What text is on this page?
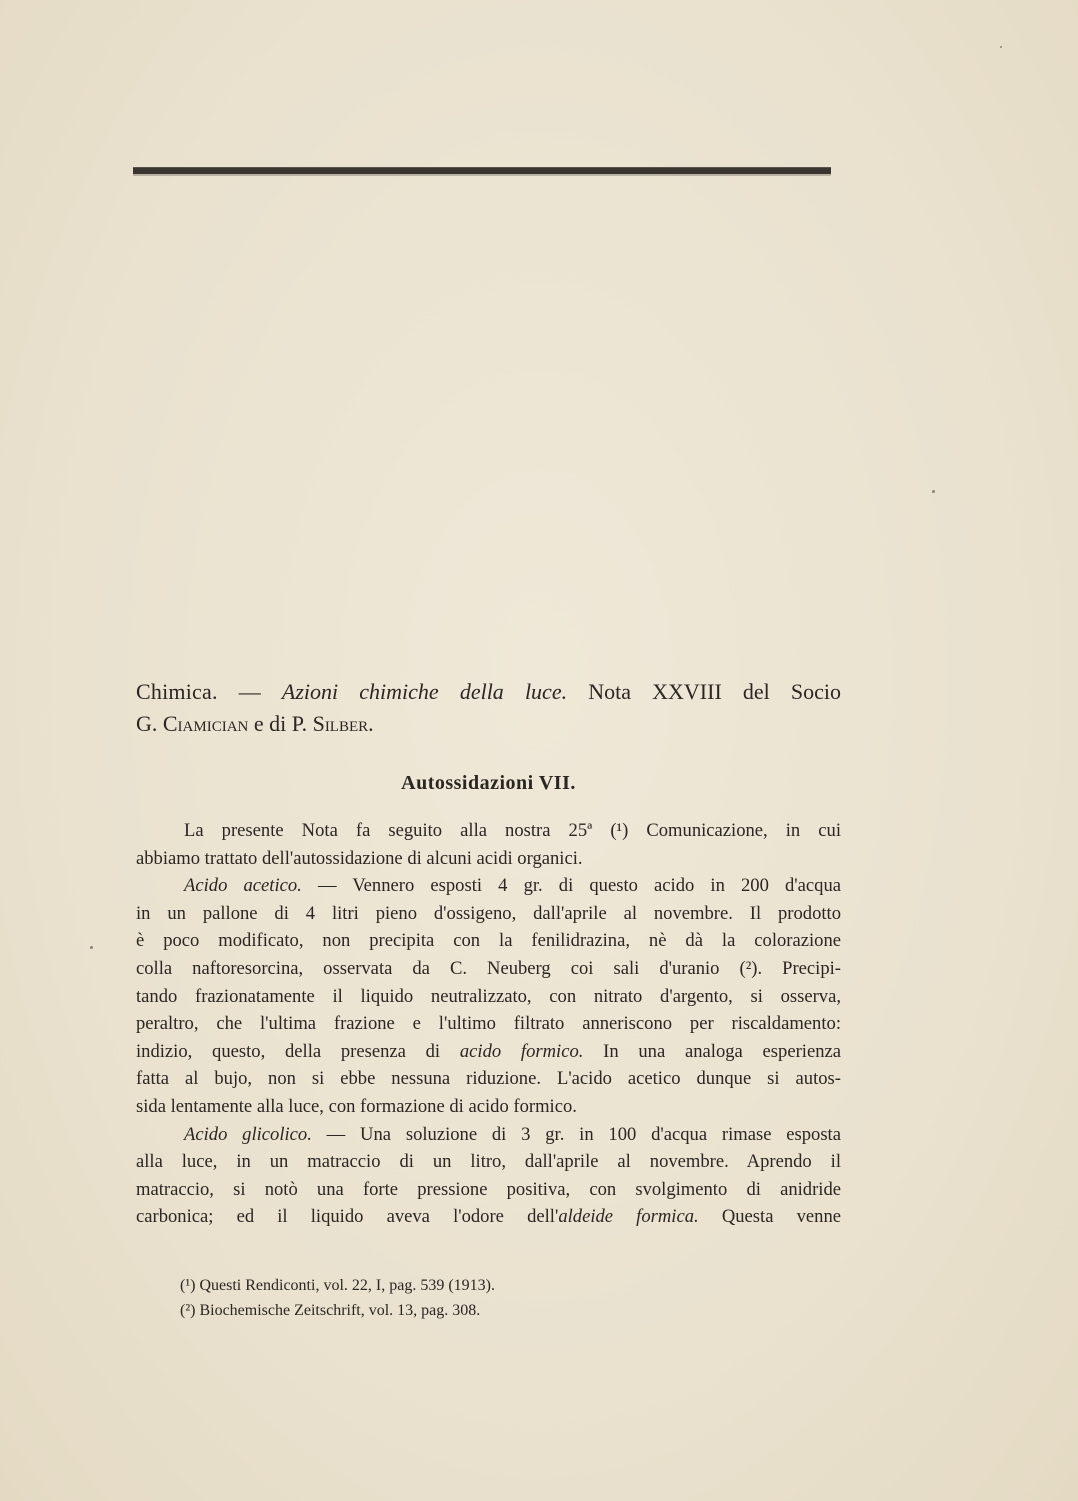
Chimica. — Azioni chimiche della luce. Nota XXVIII del Socio
G. Ciamician e di P. Silber.
Autossidazioni VII.
La presente Nota fa seguito alla nostra 25ª (¹) Comunicazione, in cui
abbiamo trattato dell'autossidazione di alcuni acidi organici.
Acido acetico. — Vennero esposti 4 gr. di questo acido in 200 d'acqua
in un pallone di 4 litri pieno d'ossigeno, dall'aprile al novembre. Il prodotto
è poco modificato, non precipita con la fenilidrazina, nè dà la colorazione
colla naftoresorcina, osservata da C. Neuberg coi sali d'uranio (²). Precipi-
tando frazionatamente il liquido neutralizzato, con nitrato d'argento, si osserva,
peraltro, che l'ultima frazione e l'ultimo filtrato anneriscono per riscaldamento:
indizio, questo, della presenza di acido formico. In una analoga esperienza
fatta al bujo, non si ebbe nessuna riduzione. L'acido acetico dunque si autos-
sida lentamente alla luce, con formazione di acido formico.
Acido glicolico. — Una soluzione di 3 gr. in 100 d'acqua rimase esposta
alla luce, in un matraccio di un litro, dall'aprile al novembre. Aprendo il
matraccio, si notò una forte pressione positiva, con svolgimento di anidride
carbonica; ed il liquido aveva l'odore dell'aldeide formica. Questa venne
(¹) Questi Rendiconti, vol. 22, I, pag. 539 (1913).
(²) Biochemische Zeitschrift, vol. 13, pag. 308.
